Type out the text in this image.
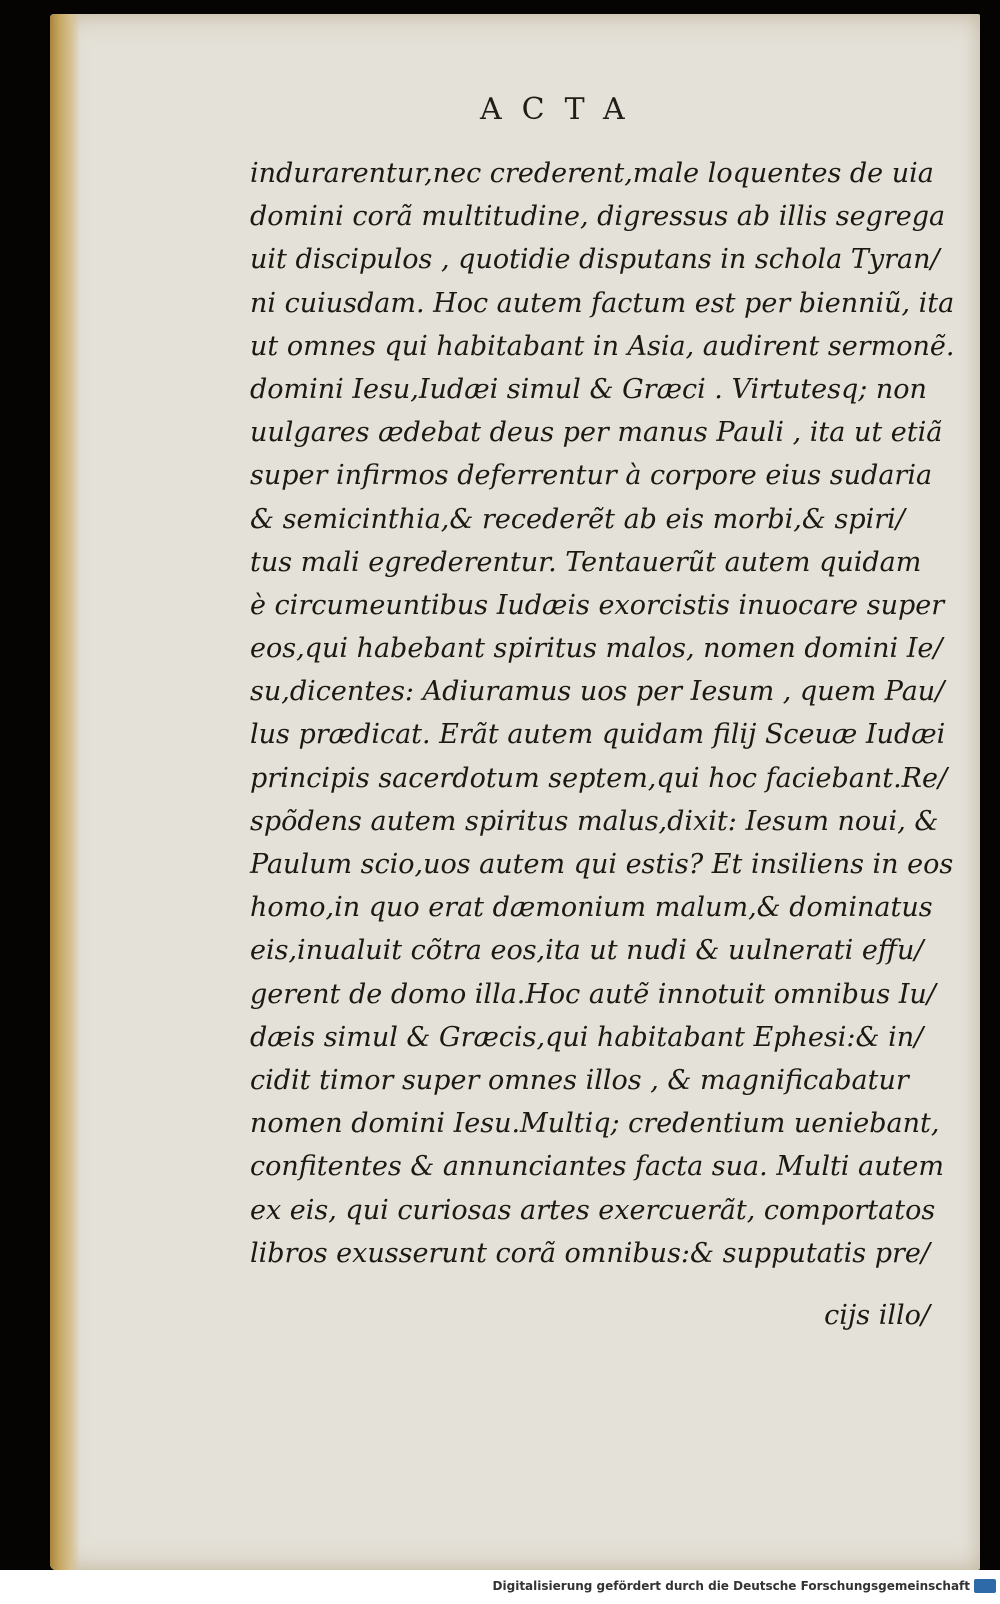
ACTA
indurarentur,nec crederent,male loquentes de uia
domini corã multitudine, digressus ab illis segrega
uit discipulos , quotidie disputans in schola Tyran/
ni cuiusdam. Hoc autem factum est per bienniũ, ita
ut omnes qui habitabant in Asia, audirent sermonẽ.
domini Iesu,Iudæi simul & Græci . Virtutesq; non
uulgares ædebat deus per manus Pauli , ita ut etiã
super infirmos deferrentur à corpore eius sudaria
& semicinthia,& recederẽt ab eis morbi,& spiri/
tus mali egrederentur. Tentauerũt autem quidam
è circumeuntibus Iudæis exorcistis inuocare super
eos,qui habebant spiritus malos, nomen domini Ie/
su,dicentes: Adiuramus uos per Iesum , quem Pau/
lus prædicat. Erãt autem quidam filij Sceuæ Iudæi
principis sacerdotum septem,qui hoc faciebant.Re/
spõdens autem spiritus malus,dixit: Iesum noui, &
Paulum scio,uos autem qui estis? Et insiliens in eos
homo,in quo erat dæmonium malum,& dominatus
eis,inualuit cõtra eos,ita ut nudi & uulnerati effu/
gerent de domo illa.Hoc autẽ innotuit omnibus Iu/
dæis simul & Græcis,qui habitabant Ephesi:& in/
cidit timor super omnes illos , & magnificabatur
nomen domini Iesu.Multiq; credentium ueniebant,
confitentes & annunciantes facta sua. Multi autem
ex eis, qui curiosas artes exercuerãt, comportatos
libros exusserunt corã omnibus:& supputatis pre/
cijs illo/
Digitalisierung gefördert durch die Deutsche Forschungsgemeinschaft
